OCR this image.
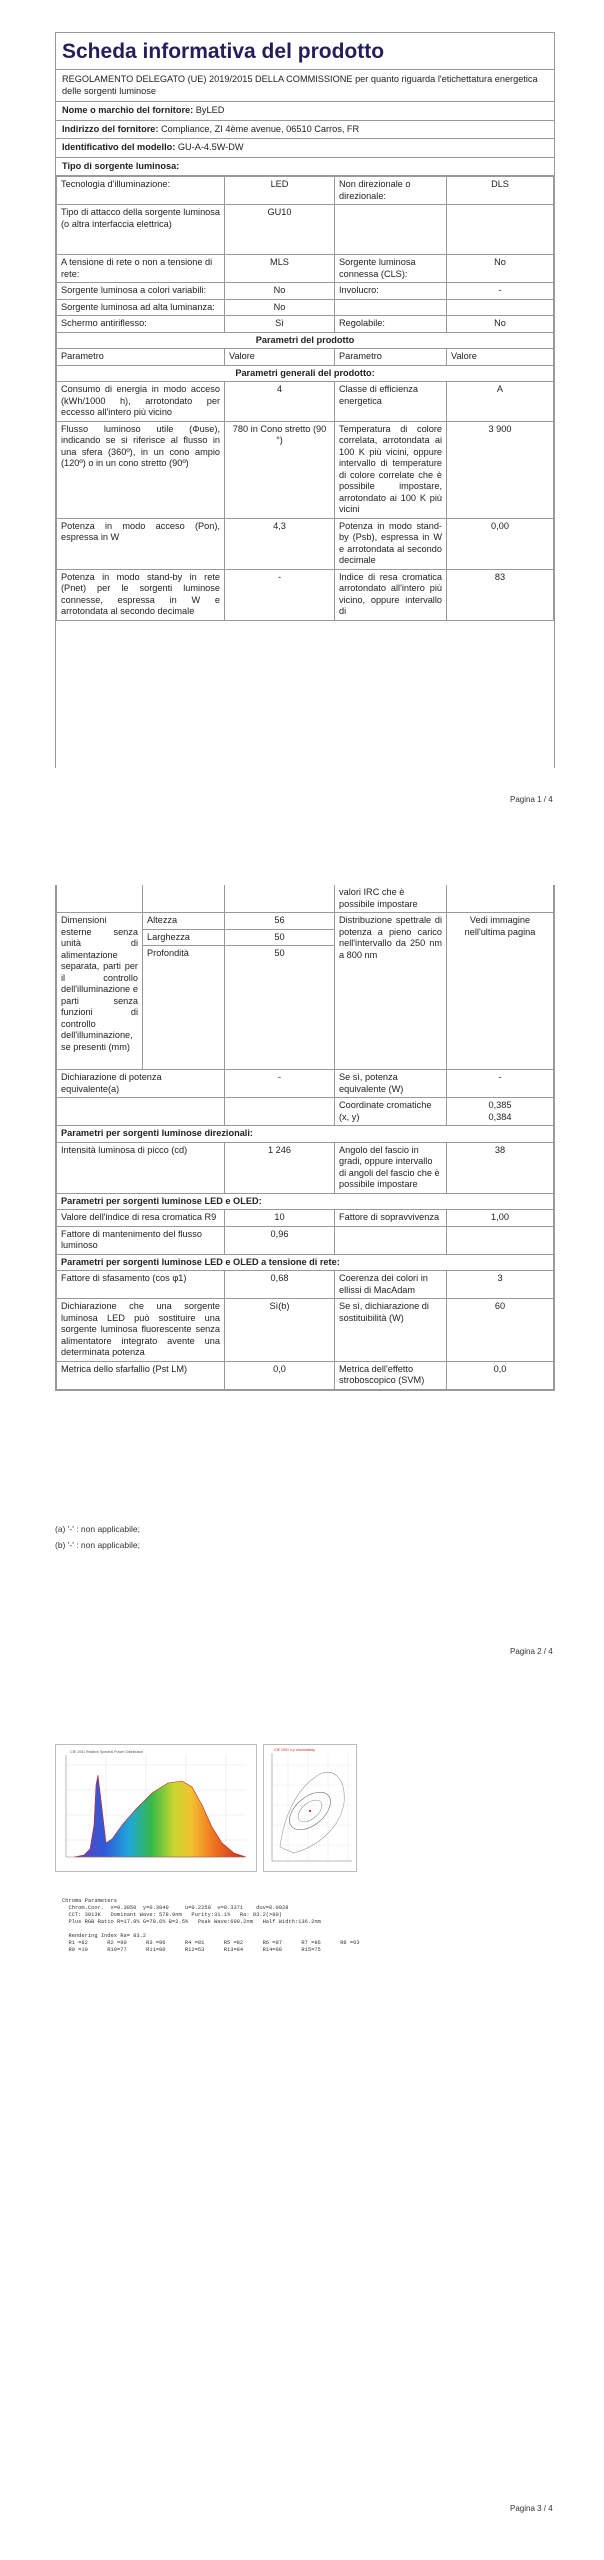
Scheda informativa del prodotto
REGOLAMENTO DELEGATO (UE) 2019/2015 DELLA COMMISSIONE per quanto riguarda l'etichettatura energetica delle sorgenti luminose
Nome o marchio del fornitore: ByLED
Indirizzo del fornitore: Compliance, ZI 4ème avenue, 06510 Carros, FR
Identificativo del modello: GU-A-4.5W-DW
Tipo di sorgente luminosa:
Tecnologia d'illuminazione:	LED	Non direzionale o direzionale:	DLS
Tipo di attacco della sorgente luminosa (o altra interfaccia elettrica)	GU10		
A tensione di rete o non a tensione di rete:	MLS	Sorgente luminosa connessa (CLS):	No
Sorgente luminosa a colori variabili:	No	Involucro:	-
Sorgente luminosa ad alta luminanza:	No		
Schermo antiriflesso:	Sì	Regolabile:	No
Parametri del prodotto			
Parametro	Valore	Parametro	Valore
Parametri generali del prodotto:			
Consumo di energia in modo acceso (kWh/1000 h), arrotondato per eccesso all'intero più vicino	4	Classe di efficienza energetica	A
Flusso luminoso utile (Φuse), indicando se si riferisce al flusso in una sfera (360º), in un cono ampio (120º) o in un cono stretto (90º)	780 in Cono stretto (90 °)	Temperatura di colore correlata, arrotondata ai 100 K più vicini, oppure intervallo di temperature di colore correlate che è possibile impostare, arrotondato ai 100 K più vicini	3 900
Potenza in modo acceso (Pon), espressa in W	4,3	Potenza in modo stand-by (Psb), espressa in W e arrotondata al secondo decimale	0,00
Potenza in modo stand-by in rete (Pnet) per le sorgenti luminose connesse, espressa in W e arrotondata al secondo decimale	-	Indice di resa cromatica arrotondato all'intero più vicino, oppure intervallo di	83
Pagina 1 / 4
			valori IRC che è possibile impostare	
Dimensioni esterne senza unità di alimentazione separata, parti per il controllo dell'illuminazione e parti senza funzioni di controllo dell'illuminazione, se presenti (mm)	Altezza	56	Distribuzione spettrale di potenza a pieno carico nell'intervallo da 250 nm a 800 nm	Vedi immagine nell'ultima pagina
	Larghezza	50		
	Profondità	50		
Dichiarazione di potenza equivalente(a)		-	Se sì, potenza equivalente (W)	-
			Coordinate cromatiche (x, y)	0,385
0,384
Parametri per sorgenti luminose direzionali:				
Intensità luminosa di picco (cd)		1 246	Angolo del fascio in gradi, oppure intervallo di angoli del fascio che è possibile impostare	38
Parametri per sorgenti luminose LED e OLED:				
Valore dell'indice di resa cromatica R9		10	Fattore di sopravvivenza	1,00
Fattore di mantenimento del flusso luminoso		0,96		
Parametri per sorgenti luminose LED e OLED a tensione di rete:				
Fattore di sfasamento (cos φ1)		0,68	Coerenza dei colori in ellissi di MacAdam	3
Dichiarazione che una sorgente luminosa LED può sostituire una sorgente luminosa fluorescente senza alimentatore integrato avente una determinata potenza		Sì(b)	Se sì, dichiarazione di sostituibilità (W)	60
Metrica dello sfarfallio (Pst LM)		0,0	Metrica dell'effetto stroboscopico (SVM)	0,0
(a) '-' : non applicabile;
(b) '-' : non applicabile;
Pagina 2 / 4
CIE 1931 Relative Spectral Power Distribution	CIE 1931 x-y chromaticity
Chroma Parameters
Chrom.Coor.  x=0.3850  y=0.3840     u=0.2250  v=0.3371    duv=0.0028
CCT: 3913K   Dominant Wave: 578.9nm   Purity:31.1%   Ra: 83.2(>80)
Plus RGB Ratio R=17.9% G=79.6% B=2.5%   Peak Wave:600.2nm   Half Width:136.2nm

Rendering Index Ra= 83.2
R1 =82      R2 =90      R3 =96      R4 =81      R5 =82      R6 =87      R7 =86      R8 =63
R9 =10      R10=77      R11=80      R12=63      R13=84      R14=98      R15=75
Pagina 3 / 4
